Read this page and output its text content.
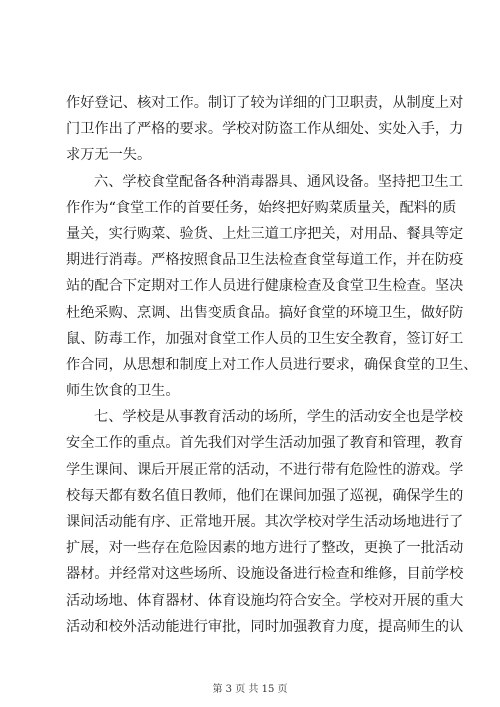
作好登记、核对工作。制订了较为详细的门卫职责，从制度上对
门卫作出了严格的要求。学校对防盗工作从细处、实处入手，力
求万无一失。
六、学校食堂配备各种消毒器具、通风设备。坚持把卫生工
作作为“食堂工作的首要任务，始终把好购菜质量关，配料的质
量关，实行购菜、验货、上灶三道工序把关，对用品、餐具等定
期进行消毒。严格按照食品卫生法检查食堂每道工作，并在防疫
站的配合下定期对工作人员进行健康检查及食堂卫生检查。坚决
杜绝采购、烹调、出售变质食品。搞好食堂的环境卫生，做好防
鼠、防毒工作，加强对食堂工作人员的卫生安全教育，签订好工
作合同，从思想和制度上对工作人员进行要求，确保食堂的卫生、
师生饮食的卫生。
七、学校是从事教育活动的场所，学生的活动安全也是学校
安全工作的重点。首先我们对学生活动加强了教育和管理，教育
学生课间、课后开展正常的活动，不进行带有危险性的游戏。学
校每天都有数名值日教师，他们在课间加强了巡视，确保学生的
课间活动能有序、正常地开展。其次学校对学生活动场地进行了
扩展，对一些存在危险因素的地方进行了整改，更换了一批活动
器材。并经常对这些场所、设施设备进行检查和维修，目前学校
活动场地、体育器材、体育设施均符合安全。学校对开展的重大
活动和校外活动能进行审批，同时加强教育力度，提高师生的认
第 3 页 共 15 页
